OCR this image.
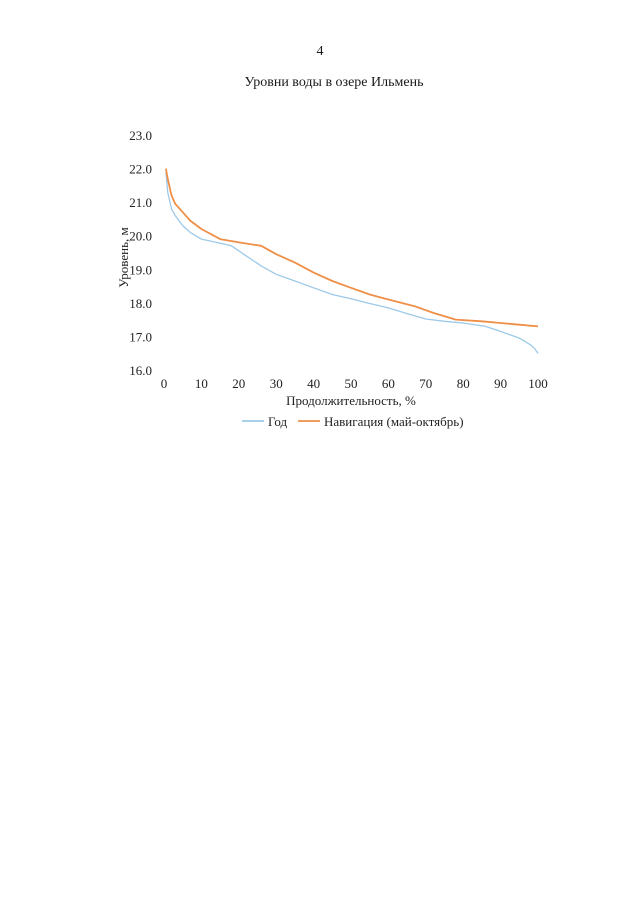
4
Уровни воды в озере Ильмень
16.0
17.0
18.0
19.0
20.0
21.0
22.0
23.0
0 10 20 30 40 50 60 70 80 90 100
Продолжительность, %
Уровень, м
Год	Навигация (май-октябрь)
